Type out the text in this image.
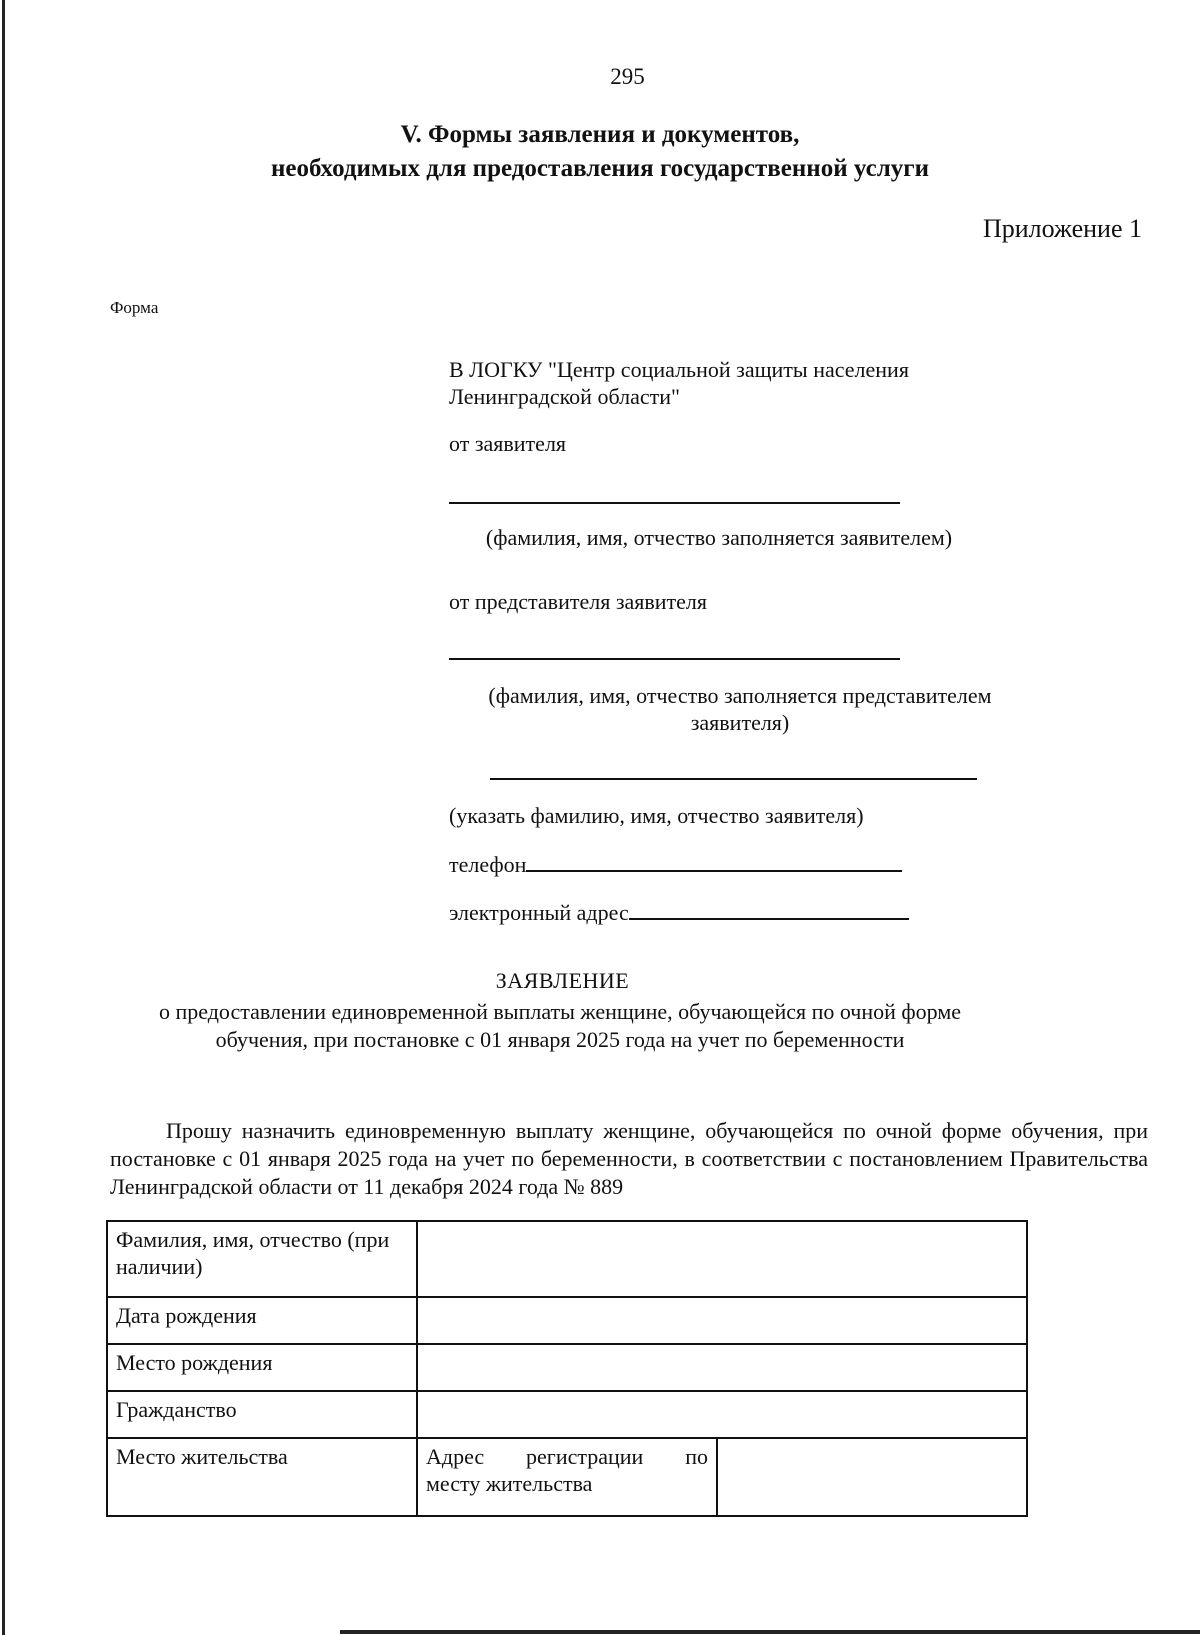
295
V. Формы заявления и документов,
необходимых для предоставления государственной услуги
Приложение 1
Форма
В ЛОГКУ "Центр социальной защиты населения
Ленинградской области"
от заявителя
(фамилия, имя, отчество заполняется заявителем)
от представителя заявителя
(фамилия, имя, отчество заполняется представителем
заявителя)
(указать фамилию, имя, отчество заявителя)
телефон
электронный адрес
ЗАЯВЛЕНИЕ
о предоставлении единовременной выплаты женщине, обучающейся по очной форме
обучения, при постановке с 01 января 2025 года на учет по беременности
Прошу назначить единовременную выплату женщине, обучающейся по очной форме обучения, при постановке с 01 января 2025 года на учет по беременности, в соответствии с постановлением Правительства Ленинградской области от 11 декабря 2024 года № 889
Фамилия, имя, отчество (при наличии)		
Дата рождения		
Место рождения		
Гражданство		
Место жительства	Адрес регистрации по
месту жительства	
